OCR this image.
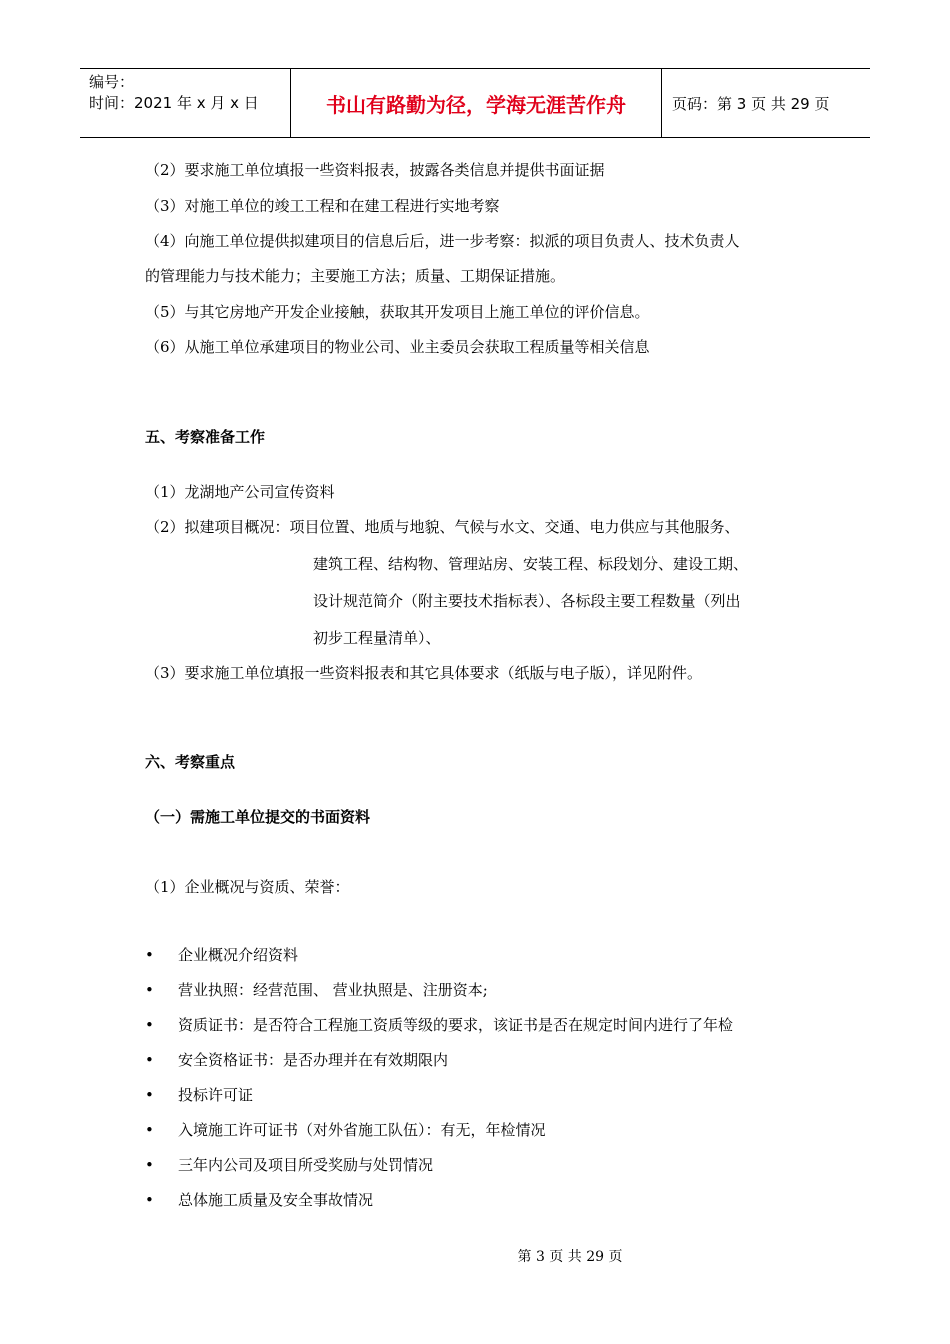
编号：
时间：2021 年 x 月 x 日	书山有路勤为径，学海无涯苦作舟	页码：第 3 页 共 29 页
（2）要求施工单位填报一些资料报表，披露各类信息并提供书面证据
（3）对施工单位的竣工工程和在建工程进行实地考察
（4）向施工单位提供拟建项目的信息后后，进一步考察：拟派的项目负责人、技术负责人
的管理能力与技术能力；主要施工方法；质量、工期保证措施。
（5）与其它房地产开发企业接触，获取其开发项目上施工单位的评价信息。
（6）从施工单位承建项目的物业公司、业主委员会获取工程质量等相关信息
五、考察准备工作
（1）龙湖地产公司宣传资料
（2）拟建项目概况：项目位置、地质与地貌、气候与水文、交通、电力供应与其他服务、
建筑工程、结构物、管理站房、安装工程、标段划分、建设工期、
设计规范简介（附主要技术指标表）、各标段主要工程数量（列出
初步工程量清单）、
（3）要求施工单位填报一些资料报表和其它具体要求（纸版与电子版），详见附件。
六、考察重点
（一）需施工单位提交的书面资料
（1）企业概况与资质、荣誉：
• 企业概况介绍资料
• 营业执照：经营范围、 营业执照是、注册资本;
• 资质证书：是否符合工程施工资质等级的要求，该证书是否在规定时间内进行了年检
• 安全资格证书：是否办理并在有效期限内
• 投标许可证
• 入境施工许可证书（对外省施工队伍）：有无，年检情况
• 三年内公司及项目所受奖励与处罚情况
• 总体施工质量及安全事故情况
第 3 页 共 29 页
